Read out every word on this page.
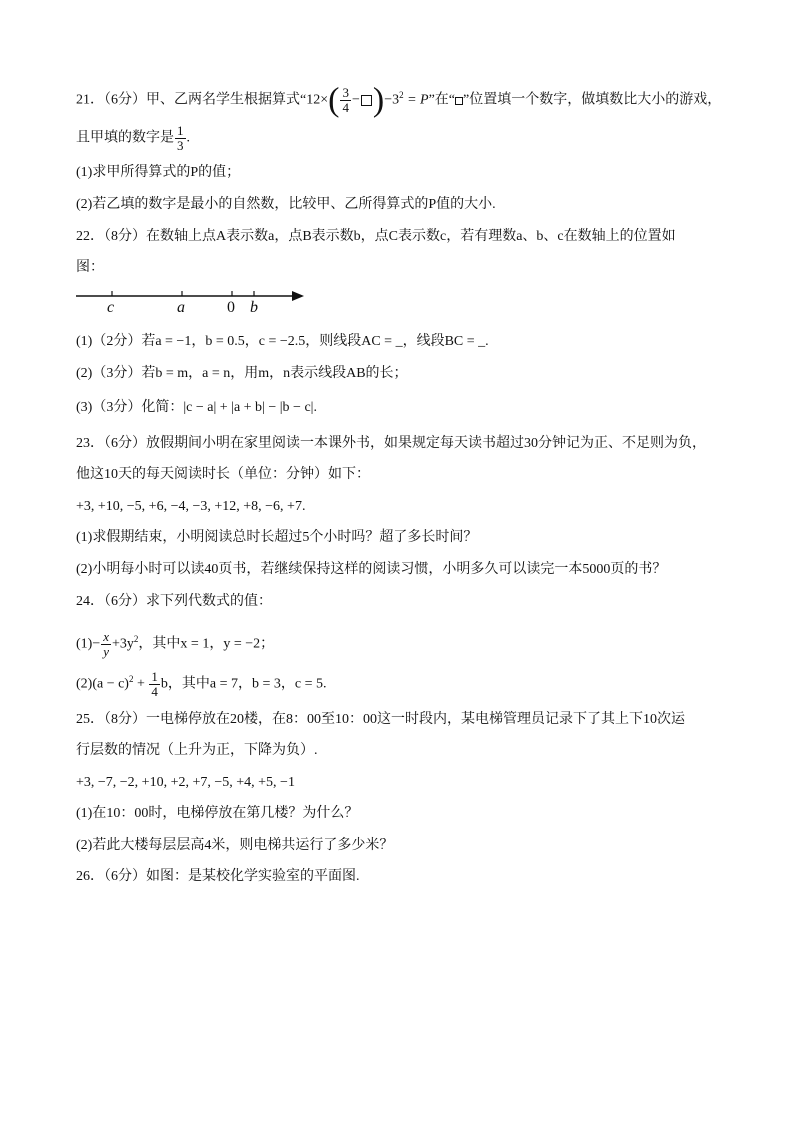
21．（6分）甲、乙两名学生根据算式“$12\times( \frac{3}{4} - )-3^2 = P$”在“ ”位置填一个数字，做填数比大小的游戏，
且甲填的数字是 $\frac{1}{3}$ .
(1)求甲所得算式的P的值；
(2)若乙填的数字是最小的自然数，比较甲、乙所得算式的P值的大小.
22．（8分）在数轴上点A表示数a，点B表示数b，点C表示数c，若有理数a、b、c在数轴上的位置如
图：
c	a	0 b
(1)（2分）若a = −1，b = 0.5，c = −2.5，则线段AC = _，线段BC = _.
(2)（3分）若b = m，a = n，用m，n表示线段AB的长；
(3)（3分）化简：|c − a| + |a + b| − |b − c|.
23．（6分）放假期间小明在家里阅读一本课外书，如果规定每天读书超过30分钟记为正、不足则为负，
他这10天的每天阅读时长（单位：分钟）如下：
+3, +10, −5, +6, −4, −3, +12, +8, −6, +7.
(1)求假期结束，小明阅读总时长超过5个小时吗？超了多长时间？
(2)小明每小时可以读40页书，若继续保持这样的阅读习惯，小明多久可以读完一本5000页的书？
24．（6分）求下列代数式的值：
$(1)- \frac{x}{y} +3y^2$，其中x = 1，y = −2；
$(2)(a - c)^2 + \frac{1}{4}$ b，其中a = 7，b = 3，c = 5.
25．（8分）一电梯停放在20楼，在8：00至10：00这一时段内，某电梯管理员记录下了其上下10次运
行层数的情况（上升为正，下降为负）.
+3, −7, −2, +10, +2, +7, −5, +4, +5, −1
(1)在10：00时，电梯停放在第几楼？为什么？
(2)若此大楼每层层高4米，则电梯共运行了多少米？
26．（6分）如图：是某校化学实验室的平面图.
